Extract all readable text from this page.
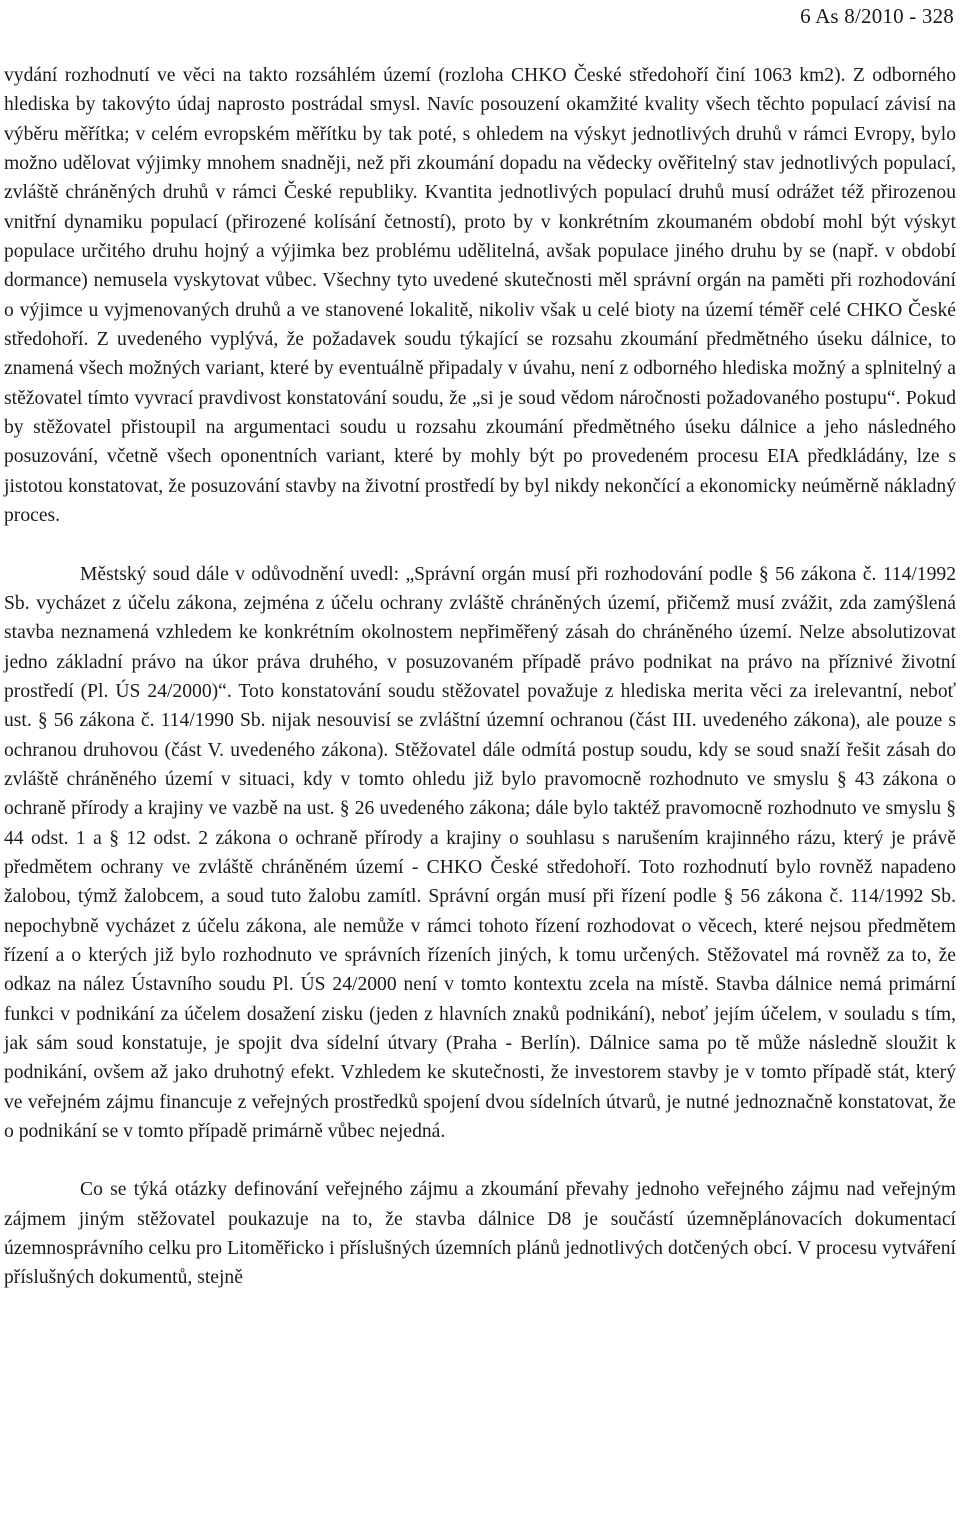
6 As 8/2010 - 328

vydání rozhodnutí ve věci na takto rozsáhlém území (rozloha CHKO České středohoří činí 1063 km2). Z odborného hlediska by takovýto údaj naprosto postrádal smysl. Navíc posouzení okamžité kvality všech těchto populací závisí na výběru měřítka; v celém evropském měřítku by tak poté, s ohledem na výskyt jednotlivých druhů v rámci Evropy, bylo možno udělovat výjimky mnohem snadněji, než při zkoumání dopadu na vědecky ověřitelný stav jednotlivých populací, zvláště chráněných druhů v rámci České republiky. Kvantita jednotlivých populací druhů musí odrážet též přirozenou vnitřní dynamiku populací (přirozené kolísání četností), proto by v konkrétním zkoumaném období mohl být výskyt populace určitého druhu hojný a výjimka bez problému udělitelná, avšak populace jiného druhu by se (např. v období dormance) nemusela vyskytovat vůbec. Všechny tyto uvedené skutečnosti měl správní orgán na paměti při rozhodování o výjimce u vyjmenovaných druhů a ve stanovené lokalitě, nikoliv však u celé bioty na území téměř celé CHKO České středohoří. Z uvedeného vyplývá, že požadavek soudu týkající se rozsahu zkoumání předmětného úseku dálnice, to znamená všech možných variant, které by eventuálně připadaly v úvahu, není z odborného hlediska možný a splnitelný a stěžovatel tímto vyvrací pravdivost konstatování soudu, že „si je soud vědom náročnosti požadovaného postupu“. Pokud by stěžovatel přistoupil na argumentaci soudu u rozsahu zkoumání předmětného úseku dálnice a jeho následného posuzování, včetně všech oponentních variant, které by mohly být po provedeném procesu EIA předkládány, lze s jistotou konstatovat, že posuzování stavby na životní prostředí by byl nikdy nekončící a ekonomicky neúměrně nákladný proces.

Městský soud dále v odůvodnění uvedl: „Správní orgán musí při rozhodování podle § 56 zákona č. 114/1992 Sb. vycházet z účelu zákona, zejména z účelu ochrany zvláště chráněných území, přičemž musí zvážit, zda zamýšlená stavba neznamená vzhledem ke konkrétním okolnostem nepřiměřený zásah do chráněného území. Nelze absolutizovat jedno základní právo na úkor práva druhého, v posuzovaném případě právo podnikat na právo na příznivé životní prostředí (Pl. ÚS 24/2000)“. Toto konstatování soudu stěžovatel považuje z hlediska merita věci za irelevantní, neboť ust. § 56 zákona č. 114/1990 Sb. nijak nesouvisí se zvláštní územní ochranou (část III. uvedeného zákona), ale pouze s ochranou druhovou (část V. uvedeného zákona). Stěžovatel dále odmítá postup soudu, kdy se soud snaží řešit zásah do zvláště chráněného území v situaci, kdy v tomto ohledu již bylo pravomocně rozhodnuto ve smyslu § 43 zákona o ochraně přírody a krajiny ve vazbě na ust. § 26 uvedeného zákona; dále bylo taktéž pravomocně rozhodnuto ve smyslu § 44 odst. 1 a § 12 odst. 2 zákona o ochraně přírody a krajiny o souhlasu s narušením krajinného rázu, který je právě předmětem ochrany ve zvláště chráněném území - CHKO České středohoří. Toto rozhodnutí bylo rovněž napadeno žalobou, týmž žalobcem, a soud tuto žalobu zamítl. Správní orgán musí při řízení podle § 56 zákona č. 114/1992 Sb. nepochybně vycházet z účelu zákona, ale nemůže v rámci tohoto řízení rozhodovat o věcech, které nejsou předmětem řízení a o kterých již bylo rozhodnuto ve správních řízeních jiných, k tomu určených. Stěžovatel má rovněž za to, že odkaz na nález Ústavního soudu Pl. ÚS 24/2000 není v tomto kontextu zcela na místě. Stavba dálnice nemá primární funkci v podnikání za účelem dosažení zisku (jeden z hlavních znaků podnikání), neboť jejím účelem, v souladu s tím, jak sám soud konstatuje, je spojit dva sídelní útvary (Praha - Berlín). Dálnice sama po tě může následně sloužit k podnikání, ovšem až jako druhotný efekt. Vzhledem ke skutečnosti, že investorem stavby je v tomto případě stát, který ve veřejném zájmu financuje z veřejných prostředků spojení dvou sídelních útvarů, je nutné jednoznačně konstatovat, že o podnikání se v tomto případě primárně vůbec nejedná.

Co se týká otázky definování veřejného zájmu a zkoumání převahy jednoho veřejného zájmu nad veřejným zájmem jiným stěžovatel poukazuje na to, že stavba dálnice D8 je součástí územněplánovacích dokumentací územnosprávního celku pro Litoměřicko i příslušných územních plánů jednotlivých dotčených obcí. V procesu vytváření příslušných dokumentů, stejně
